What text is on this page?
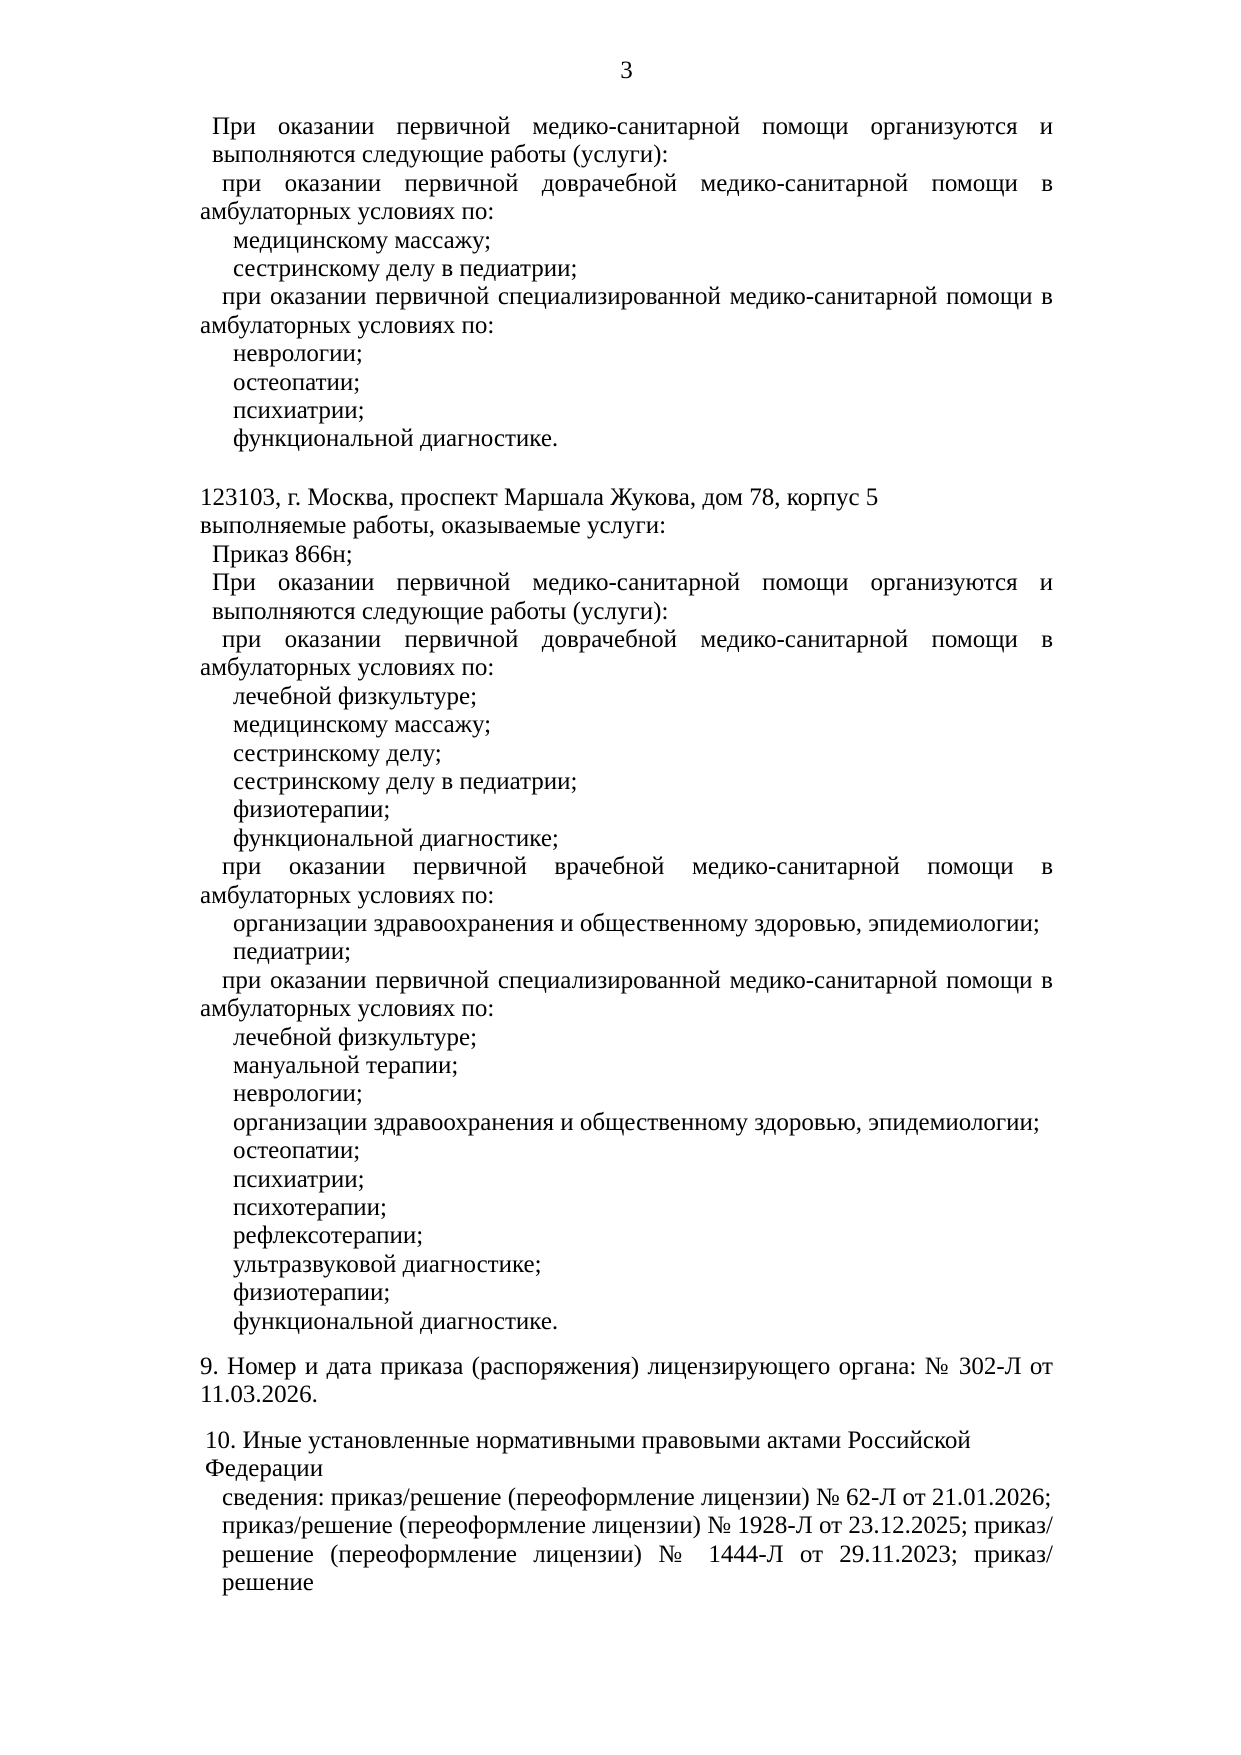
3
При оказании первичной медико-санитарной помощи организуются и выполняются следующие работы (услуги):
при оказании первичной доврачебной медико-санитарной помощи в амбулаторных условиях по:
медицинскому массажу;
сестринскому делу в педиатрии;
при оказании первичной специализированной медико-санитарной помощи в амбулаторных условиях по:
неврологии;
остеопатии;
психиатрии;
функциональной диагностике.
123103, г. Москва, проспект Маршала Жукова, дом 78, корпус 5
выполняемые работы, оказываемые услуги:
Приказ 866н;
При оказании первичной медико-санитарной помощи организуются и выполняются следующие работы (услуги):
при оказании первичной доврачебной медико-санитарной помощи в амбулаторных условиях по:
лечебной физкультуре;
медицинскому массажу;
сестринскому делу;
сестринскому делу в педиатрии;
физиотерапии;
функциональной диагностике;
при оказании первичной врачебной медико-санитарной помощи в амбулаторных условиях по:
организации здравоохранения и общественному здоровью, эпидемиологии;
педиатрии;
при оказании первичной специализированной медико-санитарной помощи в амбулаторных условиях по:
лечебной физкультуре;
мануальной терапии;
неврологии;
организации здравоохранения и общественному здоровью, эпидемиологии;
остеопатии;
психиатрии;
психотерапии;
рефлексотерапии;
ультразвуковой диагностике;
физиотерапии;
функциональной диагностике.
9. Номер и дата приказа (распоряжения) лицензирующего органа: № 302-Л от 11.03.2026.
10. Иные установленные нормативными правовыми актами Российской Федерации
сведения: приказ/решение (переоформление лицензии) № 62-Л от 21.01.2026;
приказ/решение (переоформление лицензии) № 1928-Л от 23.12.2025; приказ/решение (переоформление лицензии) № 1444-Л от 29.11.2023; приказ/решение
